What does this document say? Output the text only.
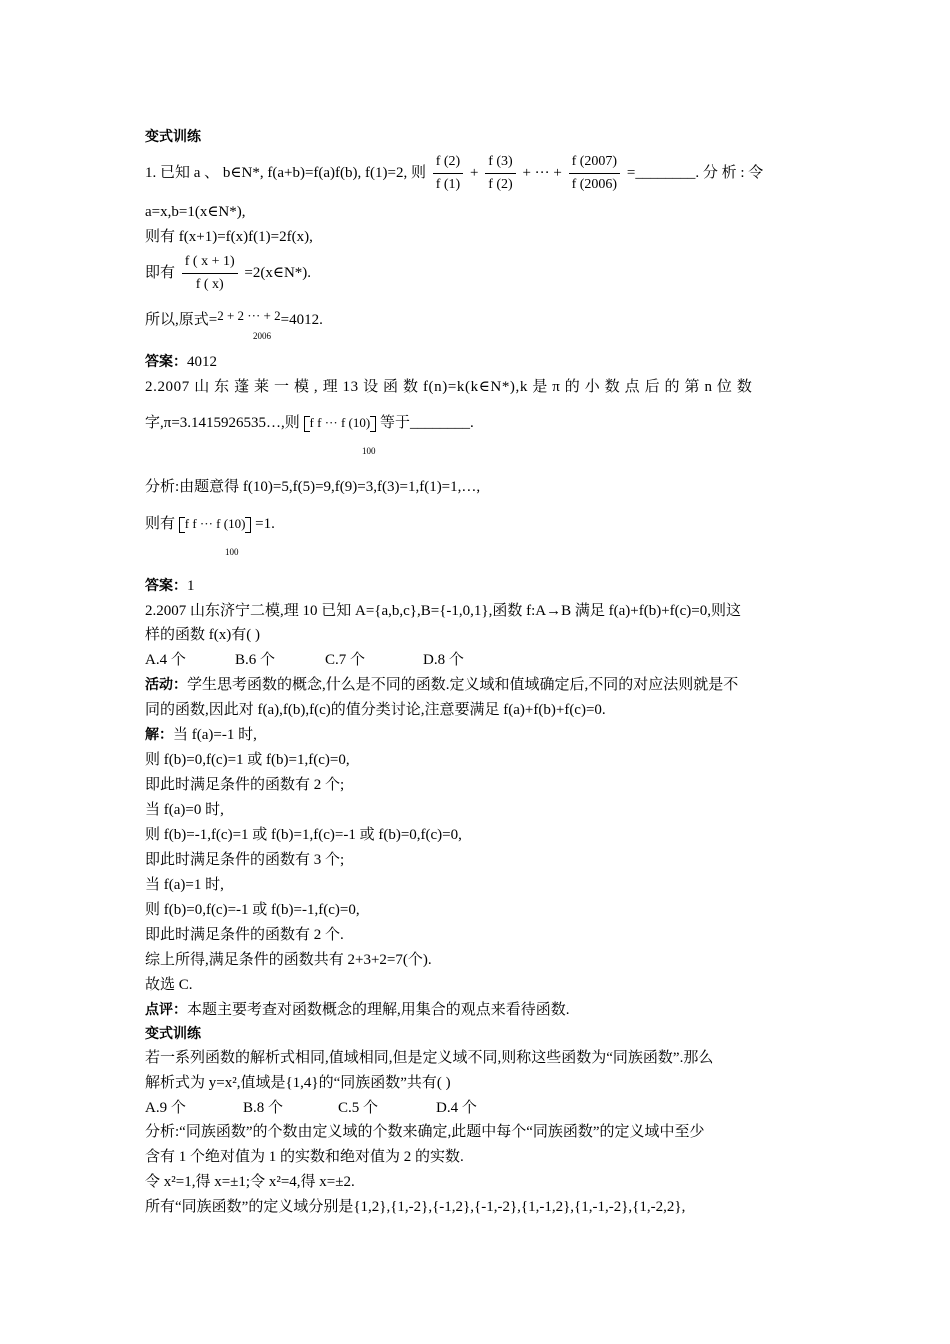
变式训练
1. 已知 a 、 b∈N*, f(a+b)=f(a)f(b), f(1)=2, 则 $\frac{f (2)}{f (1)} + \frac{f (3)}{f (2)}$ + ··· + $\frac{f (2007)}{f (2006)}$ =________. 分 析 : 令
a=x,b=1(x∈N*),
则有 f(x+1)=f(x)f(1)=2f(x),
即有 $\frac{f ( x + 1)}{f ( x)}$ =2(x∈N*).
所以,原式=2 + 2 ··· + 2=4012.
2006
答案：4012
2.2007 山 东 蓬 莱 一 模 , 理 13 设 函 数 f(n)=k(k∈N*),k 是 π 的 小 数 点 后 的 第 n 位 数
字,π=3.1415926535…,则 f f ··· f (10) 等于________.
100
分析:由题意得 f(10)=5,f(5)=9,f(9)=3,f(3)=1,f(1)=1,…,
则有 f f ··· f (10) =1.
100
答案：1
2.2007 山东济宁二模,理 10 已知 A={a,b,c},B={-1,0,1},函数 f:A→B 满足 f(a)+f(b)+f(c)=0,则这
样的函数 f(x)有( )
A.4 个	B.6 个	C.7 个	D.8 个
活动：学生思考函数的概念,什么是不同的函数.定义域和值域确定后,不同的对应法则就是不
同的函数,因此对 f(a),f(b),f(c)的值分类讨论,注意要满足 f(a)+f(b)+f(c)=0.
解：当 f(a)=-1 时,
则 f(b)=0,f(c)=1 或 f(b)=1,f(c)=0,
即此时满足条件的函数有 2 个;
当 f(a)=0 时,
则 f(b)=-1,f(c)=1 或 f(b)=1,f(c)=-1 或 f(b)=0,f(c)=0,
即此时满足条件的函数有 3 个;
当 f(a)=1 时,
则 f(b)=0,f(c)=-1 或 f(b)=-1,f(c)=0,
即此时满足条件的函数有 2 个.
综上所得,满足条件的函数共有 2+3+2=7(个).
故选 C.
点评：本题主要考查对函数概念的理解,用集合的观点来看待函数.
变式训练
若一系列函数的解析式相同,值域相同,但是定义域不同,则称这些函数为“同族函数”.那么
解析式为 y=x²,值域是{1,4}的“同族函数”共有( )
A.9 个	B.8 个	C.5 个	D.4 个
分析:“同族函数”的个数由定义域的个数来确定,此题中每个“同族函数”的定义域中至少
含有 1 个绝对值为 1 的实数和绝对值为 2 的实数.
令 x²=1,得 x=±1;令 x²=4,得 x=±2.
所有“同族函数”的定义域分别是{1,2},{1,-2},{-1,2},{-1,-2},{1,-1,2},{1,-1,-2},{1,-2,2},
